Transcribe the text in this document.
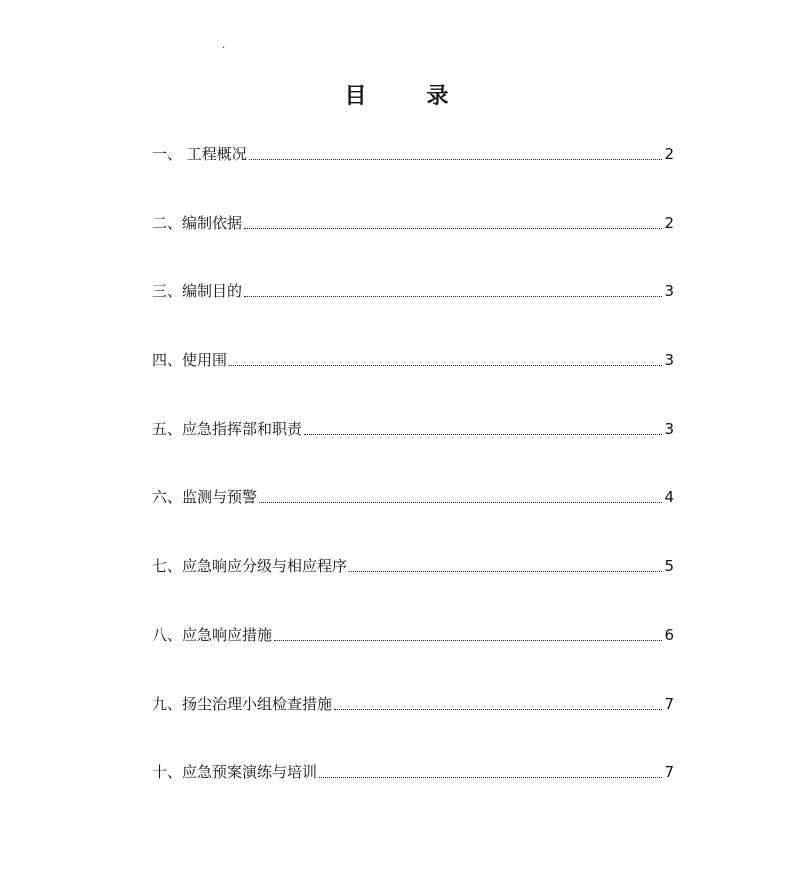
·
目	录
一、 工程概况	2
二、编制依据	2
三、编制目的	3
四、使用围	3
五、应急指挥部和职责	3
六、监测与预警	4
七、应急响应分级与相应程序	5
八、应急响应措施	6
九、扬尘治理小组检查措施	7
十、应急预案演练与培训	7
